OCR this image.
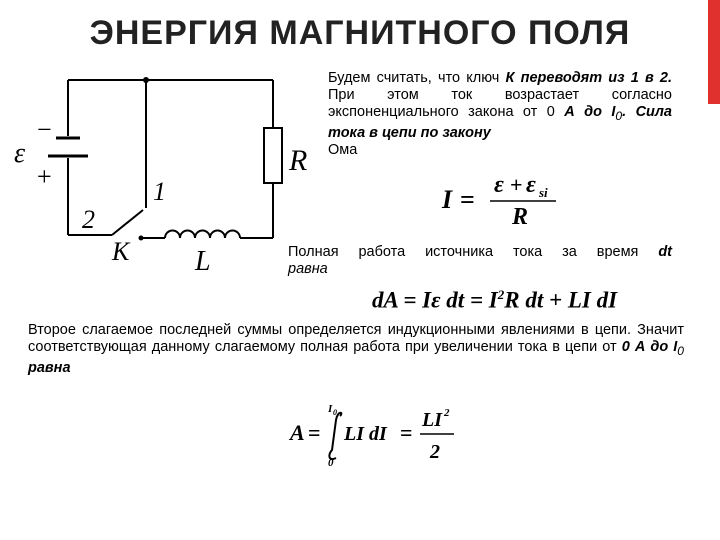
ЭНЕРГИЯ МАГНИТНОГО ПОЛЯ
ε
−
+	R
1
2
K L
Будем считать, что ключ К переводят из 1 в 2. При этом ток возрастает согласно экспоненциального закона от 0 А до $I_0$. Сила тока в цепи по закону
Ома
I = ε + ε si
R
Полная работа источника тока за время dt
равна
dA = Iε dt = $I^2R$ dt + LI dI
Второе слагаемое последней суммы определяется индукционными явлениями в цепи. Значит соответствующая данному слагаемому полная работа при увеличении тока в цепи от 0 А до $I_0$ равна
A =
I 0
0
LI dI = LI 2
2
